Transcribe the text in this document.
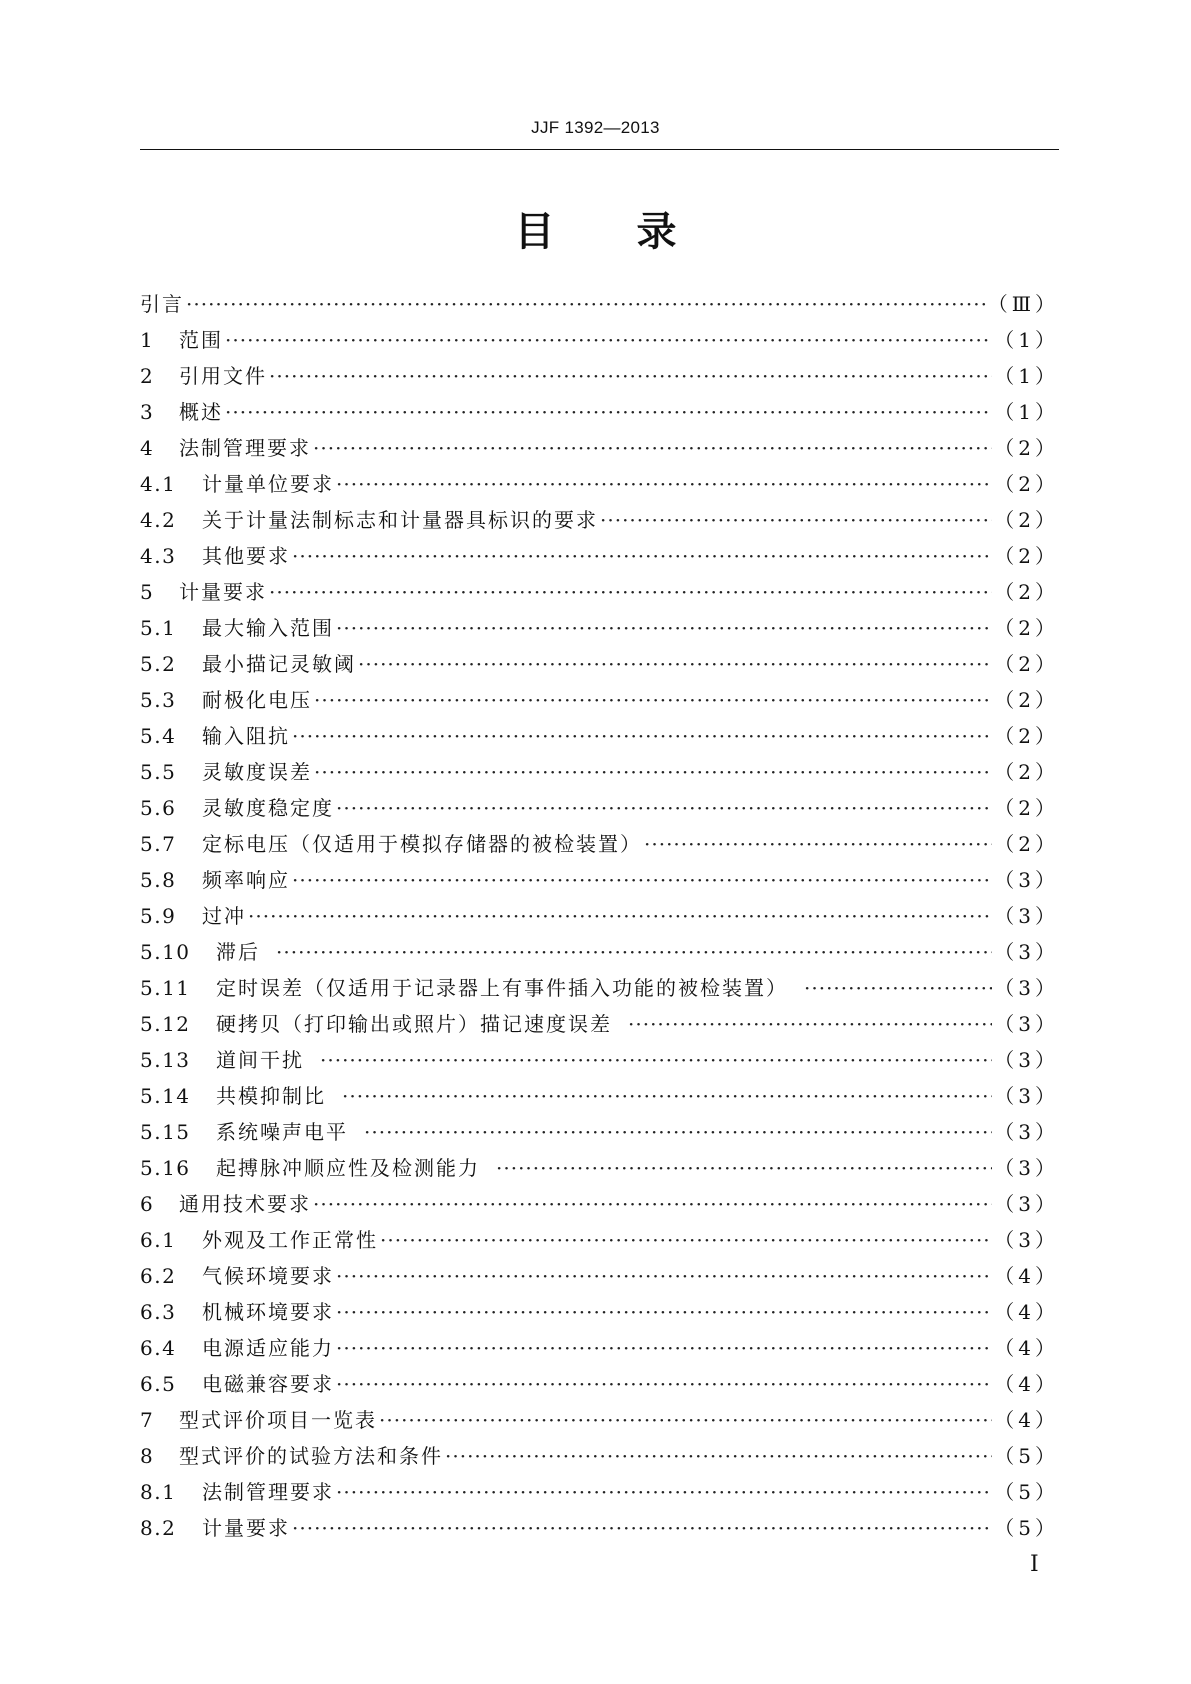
JJF 1392—2013
目 录
引言 ·····	（Ⅲ）
1	范围 ·····	（1）
2	引用文件 ·····	（1）
3	概述 ·····	（1）
4	法制管理要求 ·····	（2）
4.1	计量单位要求 ·····	（2）
4.2	关于计量法制标志和计量器具标识的要求 ·····	（2）
4.3	其他要求 ·····	（2）
5	计量要求 ·····	（2）
5.1	最大输入范围 ·····	（2）
5.2	最小描记灵敏阈 ·····	（2）
5.3	耐极化电压 ·····	（2）
5.4	输入阻抗 ·····	（2）
5.5	灵敏度误差 ·····	（2）
5.6	灵敏度稳定度 ·····	（2）
5.7	定标电压（仅适用于模拟存储器的被检装置） ·····	（2）
5.8	频率响应 ·····	（3）
5.9	过冲 ·····	（3）
5.10	滞后 ·····	（3）
5.11	定时误差（仅适用于记录器上有事件插入功能的被检装置） ·····	（3）
5.12	硬拷贝（打印输出或照片）描记速度误差 ·····	（3）
5.13	道间干扰 ·····	（3）
5.14	共模抑制比 ·····	（3）
5.15	系统噪声电平 ·····	（3）
5.16	起搏脉冲顺应性及检测能力 ·····	（3）
6	通用技术要求 ·····	（3）
6.1	外观及工作正常性 ·····	（3）
6.2	气候环境要求 ·····	（4）
6.3	机械环境要求 ·····	（4）
6.4	电源适应能力 ·····	（4）
6.5	电磁兼容要求 ·····	（4）
7	型式评价项目一览表 ·····	（4）
8	型式评价的试验方法和条件 ·····	（5）
8.1	法制管理要求 ·····	（5）
8.2	计量要求 ·····	（5）
Ⅰ
